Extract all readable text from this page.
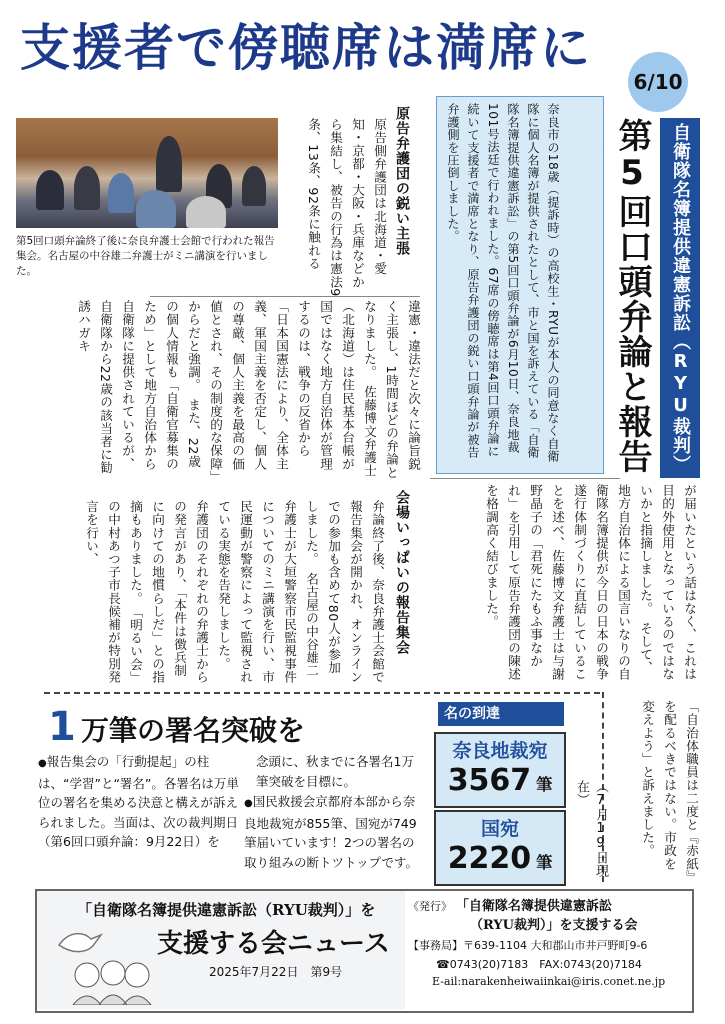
支援者で傍聴席は満席に
6/10
自衛隊名簿提供違憲訴訟（RYU裁判）
第5回口頭弁論と報告
奈良市の18歳（提訴時）の高校生・RYUが本人の同意なく自衛隊に個人名簿が提供されたとして、市と国を訴えている「自衛隊名簿提供違憲訴訟」の第5回口頭弁論が6月10日、奈良地裁101号法廷で行われました。67席の傍聴席は第4回口頭弁論に続いて支援者で満席となり、原告弁護団の鋭い口頭弁論が被告弁護側を圧倒しました。
第5回口頭弁論終了後に奈良弁護士会館で行われた報告集会。名古屋の中谷雄二弁護士がミニ講演を行いました。
原告弁護団の鋭い主張
原告側弁護団は北海道・愛知・京都・大阪・兵庫などから集結し、被告の行為は憲法9条、13条、92条に触れる
違憲・違法だと次々に論旨鋭く主張し、1時間ほどの弁論となりました。　佐藤博文弁護士（北海道）は住民基本台帳が国ではなく地方自治体が管理するのは、戦争の反省から「日本国憲法により、全体主義、軍国主義を否定し、個人の尊厳、個人主義を最高の価値とされ、その制度的な保障」からだと強調。　また、22歳の個人情報も「自衛官募集のため」として地方自治体から自衛隊に提供されているが、自衛隊から22歳の該当者に勧誘ハガキ
が届いたという話はなく、これは目的外使用となっているのではないかと指摘しました。　そして、地方自治体による国言いなりの自衛隊名簿提供が今日の日本の戦争遂行体制づくりに直結していることを述べ、佐藤博文弁護士は与謝野晶子の「君死にたもふ事なかれ」を引用して原告弁護団の陳述を格調高く結びました。
会場いっぱいの報告集会
弁論終了後、奈良弁護士会館で報告集会が開かれ、オンラインでの参加も含めて80人が参加しました。　名古屋の中谷雄二弁護士が大垣警察市民監視事件についてのミニ講演を行い、市民運動が警察によって監視されている実態を告発しました。　弁護団のそれぞれの弁護士からの発言があり、「本件は徴兵制に向けての地慣らしだ」との指摘もありました。　「明るい会」の中村あつ子市長候補が特別発言を行い、
「自治体職員は二度と『赤紙』を配るべきではない。市政を変えよう」と訴えました。
1 万筆の署名突破を
●報告集会の「行動提起」の柱は、“学習”と“署名”。各署名は万単位の署名を集める決意と構えが訴えられました。当面は、次の裁判期日（第6回口頭弁論：9月22日）を
念頭に、秋までに各署名1万筆突破を目標に。
●国民救援会京都府本部から奈良地裁宛が855筆、国宛が749筆届いています！2つの署名の取り組みの断トツトップです。
名の到達
奈良地裁宛
3567 筆
国宛
2220 筆	（7月19日現在）
「自衛隊名簿提供違憲訴訟（RYU裁判）」を
支援する会ニュース
2025年7月22日　第9号
《発行》 「自衛隊名簿提供違憲訴訟
（RYU裁判）」を支援する会
【事務局】〒639-1104 大和郡山市井戸野町9-6
☎0743(20)7183　FAX:0743(20)7184
E-ail:narakenheiwaiinkai@iris.conet.ne.jp
